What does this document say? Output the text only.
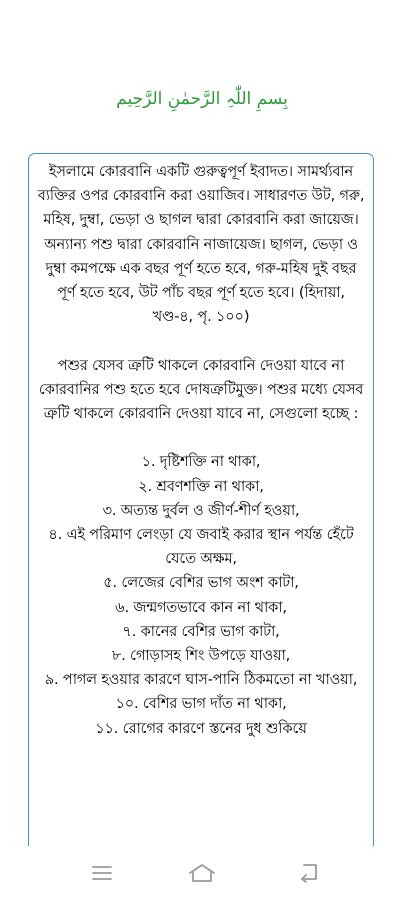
بِسمِ اللّٰہِ الرَّحمٰنِ الرَّحِیم

ইসলামে কোরবানি একটি গুরুত্বপূর্ণ ইবাদত। সামর্থ্যবান ব্যক্তির ওপর কোরবানি করা ওয়াজিব। সাধারণত উট, গরু, মহিষ, দুম্বা, ভেড়া ও ছাগল দ্বারা কোরবানি করা জায়েজ। অন্যান্য পশু দ্বারা কোরবানি নাজায়েজ। ছাগল, ভেড়া ও দুম্বা কমপক্ষে এক বছর পূর্ণ হতে হবে, গরু-মহিষ দুই বছর পূর্ণ হতে হবে, উট পাঁচ বছর পূর্ণ হতে হবে। (হিদায়া, খণ্ড-৪, পৃ. ১০০)

পশুর যেসব ত্রুটি থাকলে কোরবানি দেওয়া যাবে না কোরবানির পশু হতে হবে দোষত্রুটিমুক্ত। পশুর মধ্যে যেসব ত্রুটি থাকলে কোরবানি দেওয়া যাবে না, সেগুলো হচ্ছে :

১. দৃষ্টিশক্তি না থাকা,

২. শ্রবণশক্তি না থাকা,

৩. অত্যন্ত দুর্বল ও জীর্ণ-শীর্ণ হওয়া,

৪. এই পরিমাণ লেংড়া যে জবাই করার স্থান পর্যন্ত হেঁটে যেতে অক্ষম,

৫. লেজের বেশির ভাগ অংশ কাটা,

৬. জন্মগতভাবে কান না থাকা,

৭. কানের বেশির ভাগ কাটা,

৮. গোড়াসহ শিং উপড়ে যাওয়া,

৯. পাগল হওয়ার কারণে ঘাস-পানি ঠিকমতো না খাওয়া,

১০. বেশির ভাগ দাঁত না থাকা,

১১. রোগের কারণে স্তনের দুধ শুকিয়ে
